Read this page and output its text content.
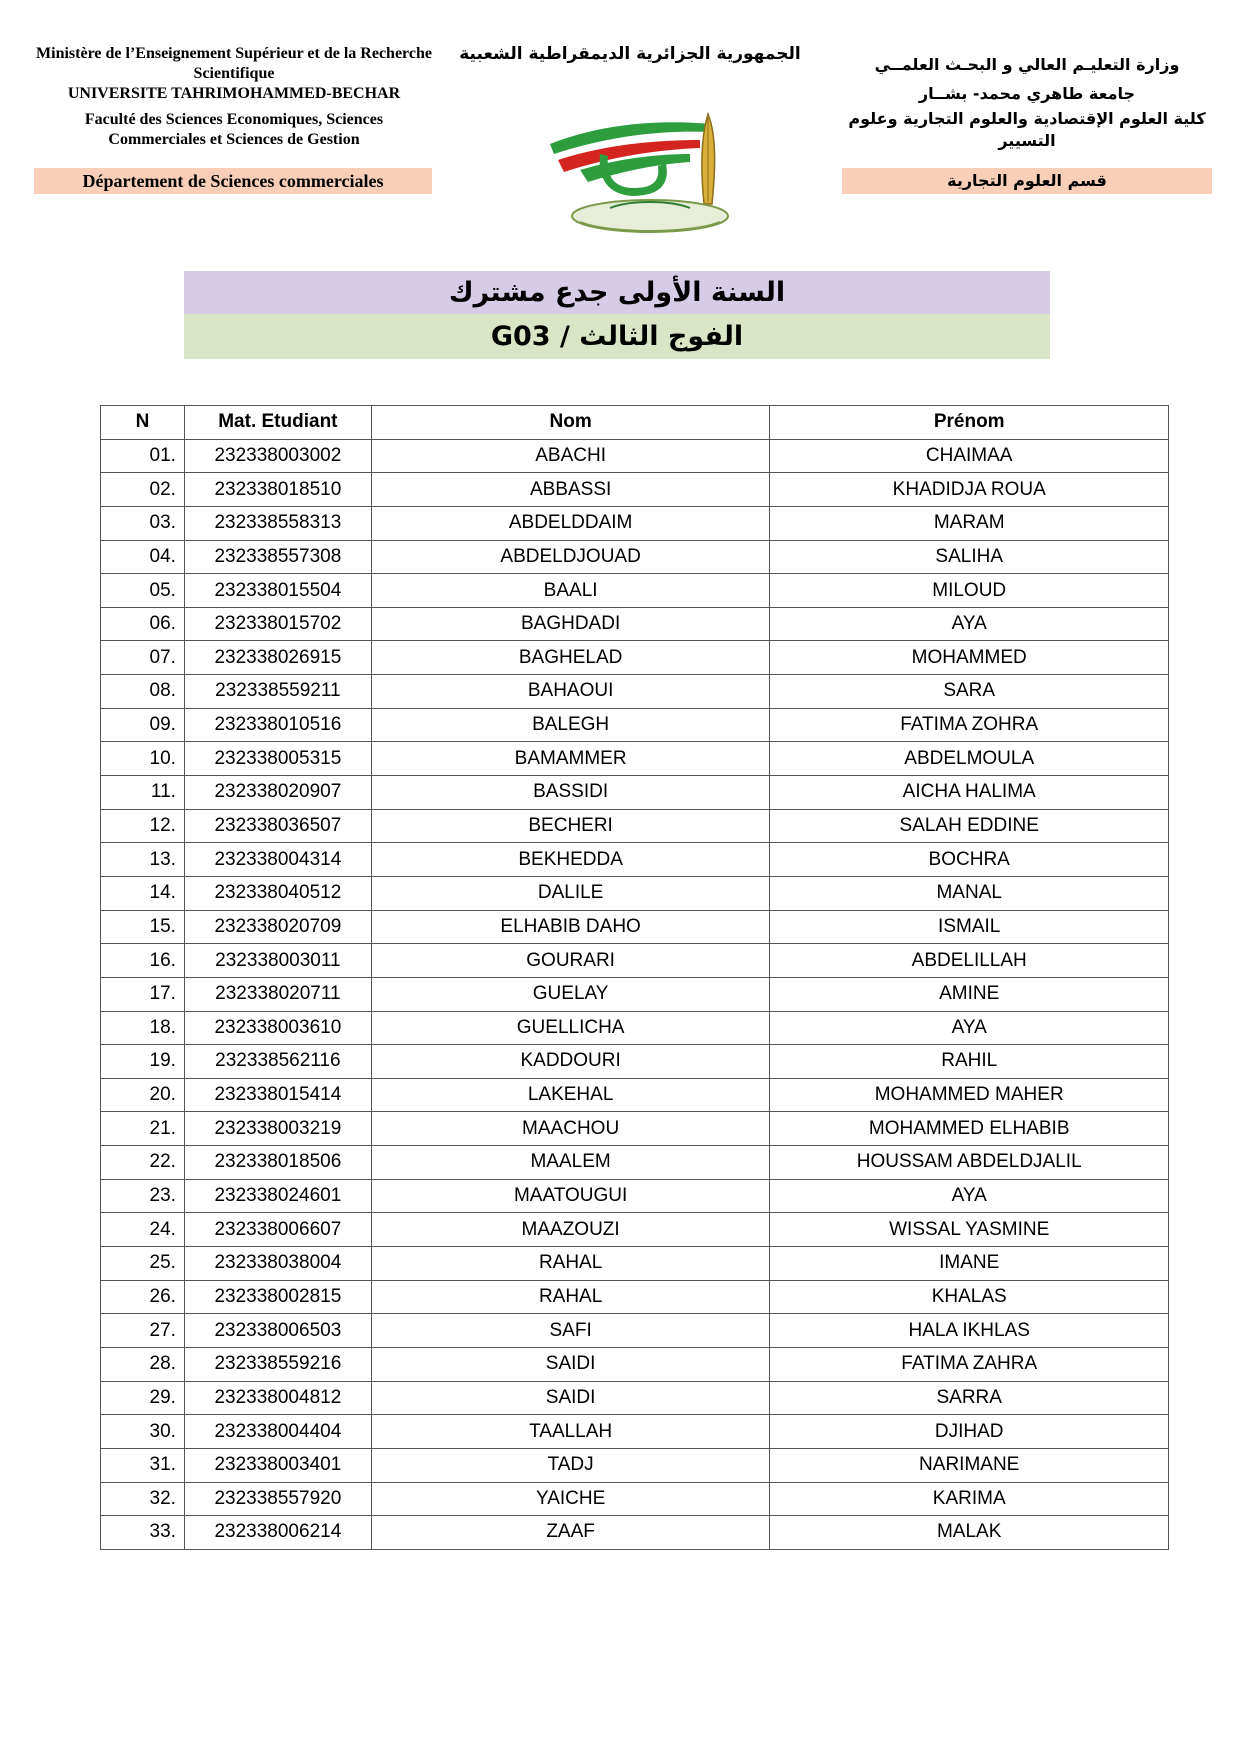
Ministère de l’Enseignement Supérieur et de la Recherche Scientifique
UNIVERSITE TAHRIMOHAMMED-BECHAR
Faculté des Sciences Economiques, Sciences Commerciales et Sciences de Gestion
Département de Sciences commerciales
الجمهورية الجزائرية الديمقراطية الشعبية
وزارة التعليـم العالي و البحـث العلمــي
جامعة طاهري محمد- بشــار
كلية العلوم الإقتصادية والعلوم التجارية وعلوم التسيير
قسم العلوم التجارية
السنة الأولى جدع مشترك
الفوج الثالث / G03
N	Mat. Etudiant	Nom	Prénom
01.	232338003002	ABACHI	CHAIMAA
02.	232338018510	ABBASSI	KHADIDJA ROUA
03.	232338558313	ABDELDDAIM	MARAM
04.	232338557308	ABDELDJOUAD	SALIHA
05.	232338015504	BAALI	MILOUD
06.	232338015702	BAGHDADI	AYA
07.	232338026915	BAGHELAD	MOHAMMED
08.	232338559211	BAHAOUI	SARA
09.	232338010516	BALEGH	FATIMA ZOHRA
10.	232338005315	BAMAMMER	ABDELMOULA
11.	232338020907	BASSIDI	AICHA HALIMA
12.	232338036507	BECHERI	SALAH EDDINE
13.	232338004314	BEKHEDDA	BOCHRA
14.	232338040512	DALILE	MANAL
15.	232338020709	ELHABIB DAHO	ISMAIL
16.	232338003011	GOURARI	ABDELILLAH
17.	232338020711	GUELAY	AMINE
18.	232338003610	GUELLICHA	AYA
19.	232338562116	KADDOURI	RAHIL
20.	232338015414	LAKEHAL	MOHAMMED MAHER
21.	232338003219	MAACHOU	MOHAMMED ELHABIB
22.	232338018506	MAALEM	HOUSSAM ABDELDJALIL
23.	232338024601	MAATOUGUI	AYA
24.	232338006607	MAAZOUZI	WISSAL YASMINE
25.	232338038004	RAHAL	IMANE
26.	232338002815	RAHAL	KHALAS
27.	232338006503	SAFI	HALA IKHLAS
28.	232338559216	SAIDI	FATIMA ZAHRA
29.	232338004812	SAIDI	SARRA
30.	232338004404	TAALLAH	DJIHAD
31.	232338003401	TADJ	NARIMANE
32.	232338557920	YAICHE	KARIMA
33.	232338006214	ZAAF	MALAK
